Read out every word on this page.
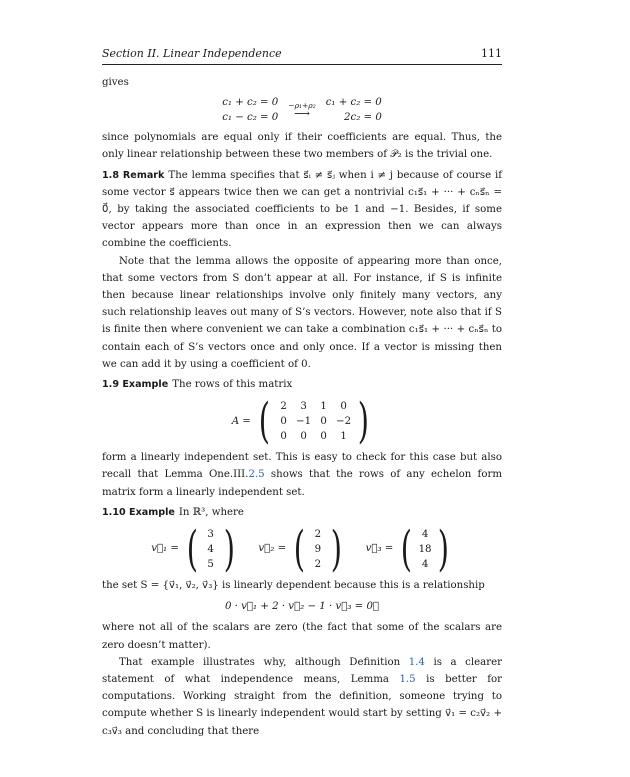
Section II. Linear Independence	111

gives

c₁ + c₂ = 0
c₁ − c₂ = 0
−ρ₁+ρ₂
⟶
c₁ + c₂ = 0
2c₂ = 0

since polynomials are equal only if their coefficients are equal. Thus, the only linear relationship between these two members of 𝒫₂ is the trivial one.

1.8 Remark The lemma specifies that s⃗ᵢ ≠ s⃗ⱼ when i ≠ j because of course if some vector s⃗ appears twice then we can get a nontrivial c₁s⃗₁ + ··· + cₙs⃗ₙ = 0⃗, by taking the associated coefficients to be 1 and −1. Besides, if some vector appears more than once in an expression then we can always combine the coefficients.

Note that the lemma allows the opposite of appearing more than once, that some vectors from S don’t appear at all. For instance, if S is infinite then because linear relationships involve only finitely many vectors, any such relationship leaves out many of S’s vectors. However, note also that if S is finite then where convenient we can take a combination c₁s⃗₁ + ··· + cₙs⃗ₙ to contain each of S’s vectors once and only once. If a vector is missing then we can add it by using a coefficient of 0.

1.9 Example The rows of this matrix

A = (	2	3	1	0
0 −1 0 −2
0	0	0	1 )

form a linearly independent set. This is easy to check for this case but also recall that Lemma One.III.2.5 shows that the rows of any echelon form matrix form a linearly independent set.

1.10 Example In ℝ³, where

v⃗₁ = ( 3
4
5 ) v⃗₂ = ( 2
9
2 ) v⃗₃ = ( 4
18
4 )

the set S = {v⃗₁, v⃗₂, v⃗₃} is linearly dependent because this is a relationship

0 · v⃗₁ + 2 · v⃗₂ − 1 · v⃗₃ = 0⃗

where not all of the scalars are zero (the fact that some of the scalars are zero doesn’t matter).

That example illustrates why, although Definition 1.4 is a clearer statement of what independence means, Lemma 1.5 is better for computations. Working straight from the definition, someone trying to compute whether S is linearly independent would start by setting v⃗₁ = c₂v⃗₂ + c₃v⃗₃ and concluding that there
